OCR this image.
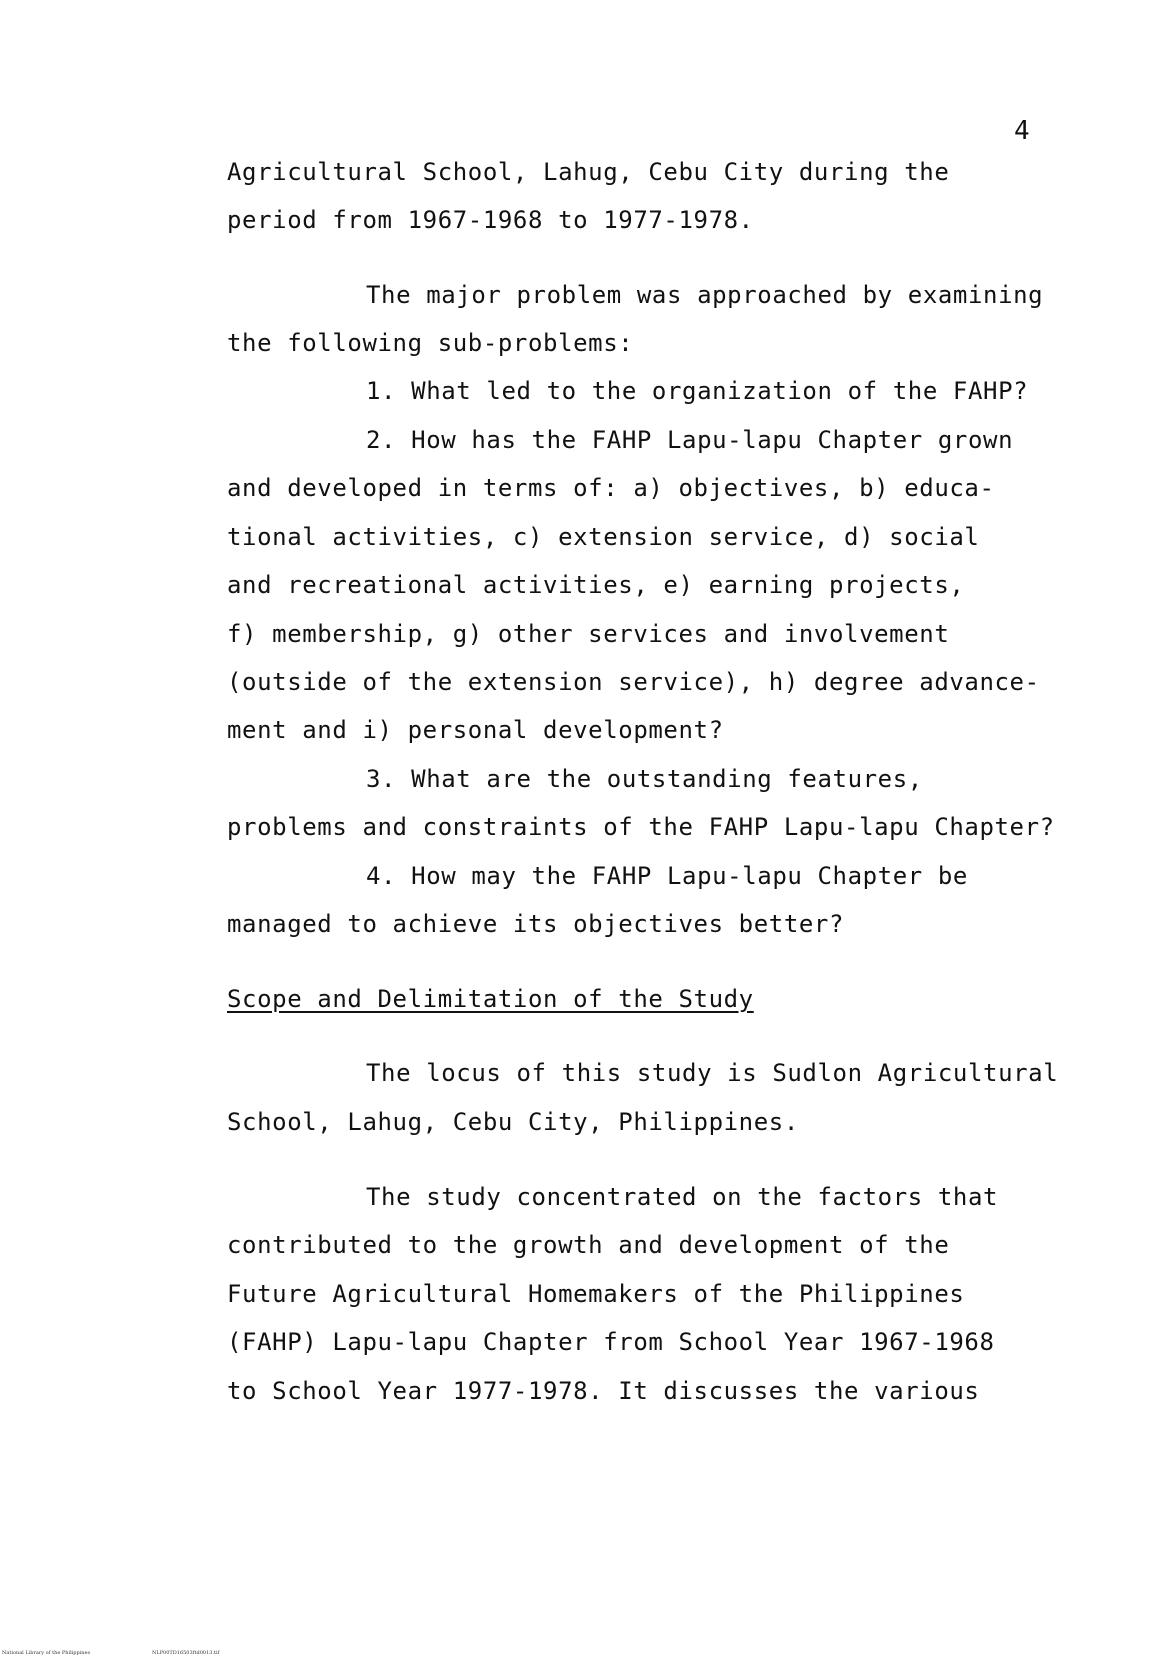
4
Agricultural School, Lahug, Cebu City during the
period from 1967-1968 to 1977-1978.
The major problem was approached by examining
the following sub-problems:
1. What led to the organization of the FAHP?
2. How has the FAHP Lapu-lapu Chapter grown
and developed in terms of: a) objectives, b) educa-
tional activities, c) extension service, d) social
and recreational activities, e) earning projects,
f) membership, g) other services and involvement
(outside of the extension service), h) degree advance-
ment and i) personal development?
3. What are the outstanding features,
problems and constraints of the FAHP Lapu-lapu Chapter?
4. How may the FAHP Lapu-lapu Chapter be
managed to achieve its objectives better?
Scope and Delimitation of the Study
The locus of this study is Sudlon Agricultural
School, Lahug, Cebu City, Philippines.
The study concentrated on the factors that
contributed to the growth and development of the
Future Agricultural Homemakers of the Philippines
(FAHP) Lapu-lapu Chapter from School Year 1967-1968
to School Year 1977-1978. It discusses the various
National Library of the Philippines	NLP00TD16503ftd0013.tif
